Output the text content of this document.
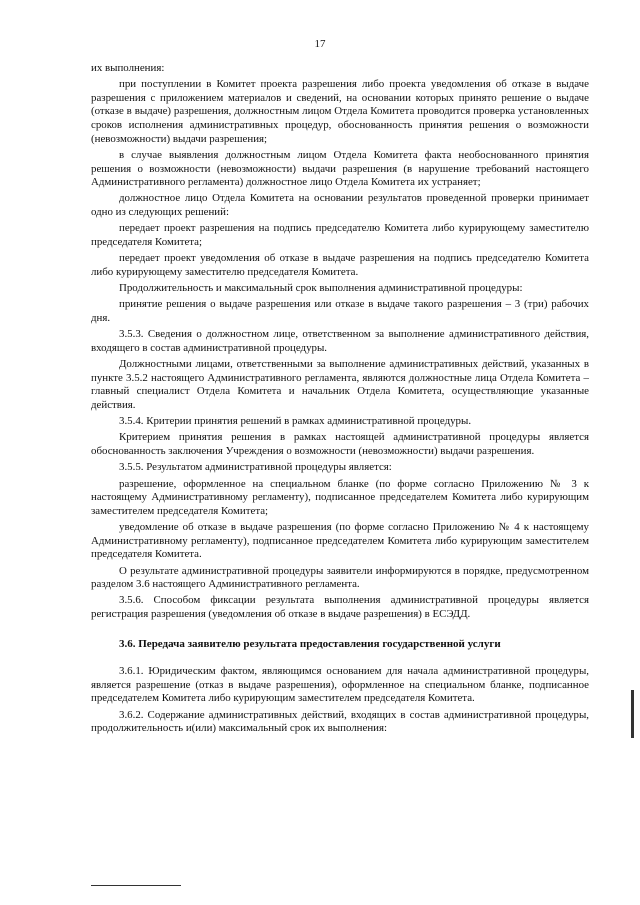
17

их выполнения:

при поступлении в Комитет проекта разрешения либо проекта уведомления об отказе в выдаче разрешения с приложением материалов и сведений, на основании которых принято решение о выдаче (отказе в выдаче) разрешения, должностным лицом Отдела Комитета проводится проверка установленных сроков исполнения административных процедур, обоснованность принятия решения о возможности (невозможности) выдачи разрешения;

в случае выявления должностным лицом Отдела Комитета факта необоснованного принятия решения о возможности (невозможности) выдачи разрешения (в нарушение требований настоящего Административного регламента) должностное лицо Отдела Комитета их устраняет;

должностное лицо Отдела Комитета на основании результатов проведенной проверки принимает одно из следующих решений:

передает проект разрешения на подпись председателю Комитета либо курирующему заместителю председателя Комитета;

передает проект уведомления об отказе в выдаче разрешения на подпись председателю Комитета либо курирующему заместителю председателя Комитета.

Продолжительность и максимальный срок выполнения административной процедуры:

принятие решения о выдаче разрешения или отказе в выдаче такого разрешения – 3 (три) рабочих дня.

3.5.3. Сведения о должностном лице, ответственном за выполнение административного действия, входящего в состав административной процедуры.

Должностными лицами, ответственными за выполнение административных действий, указанных в пункте 3.5.2 настоящего Административного регламента, являются должностные лица Отдела Комитета – главный специалист Отдела Комитета и начальник Отдела Комитета, осуществляющие указанные действия.

3.5.4. Критерии принятия решений в рамках административной процедуры.

Критерием принятия решения в рамках настоящей административной процедуры является обоснованность заключения Учреждения о возможности (невозможности) выдачи разрешения.

3.5.5. Результатом административной процедуры является:

разрешение, оформленное на специальном бланке (по форме согласно Приложению № 3 к настоящему Административному регламенту), подписанное председателем Комитета либо курирующим заместителем председателя Комитета;

уведомление об отказе в выдаче разрешения (по форме согласно Приложению № 4 к настоящему Административному регламенту), подписанное председателем Комитета либо курирующим заместителем председателя Комитета.

О результате административной процедуры заявители информируются в порядке, предусмотренном разделом 3.6 настоящего Административного регламента.

3.5.6. Способом фиксации результата выполнения административной процедуры является регистрация разрешения (уведомления об отказе в выдаче разрешения) в ЕСЭДД.

3.6. Передача заявителю результата предоставления государственной услуги

3.6.1. Юридическим фактом, являющимся основанием для начала административной процедуры, является разрешение (отказ в выдаче разрешения), оформленное на специальном бланке, подписанное председателем Комитета либо курирующим заместителем председателя Комитета.

3.6.2. Содержание административных действий, входящих в состав административной процедуры, продолжительность и(или) максимальный срок их выполнения:
